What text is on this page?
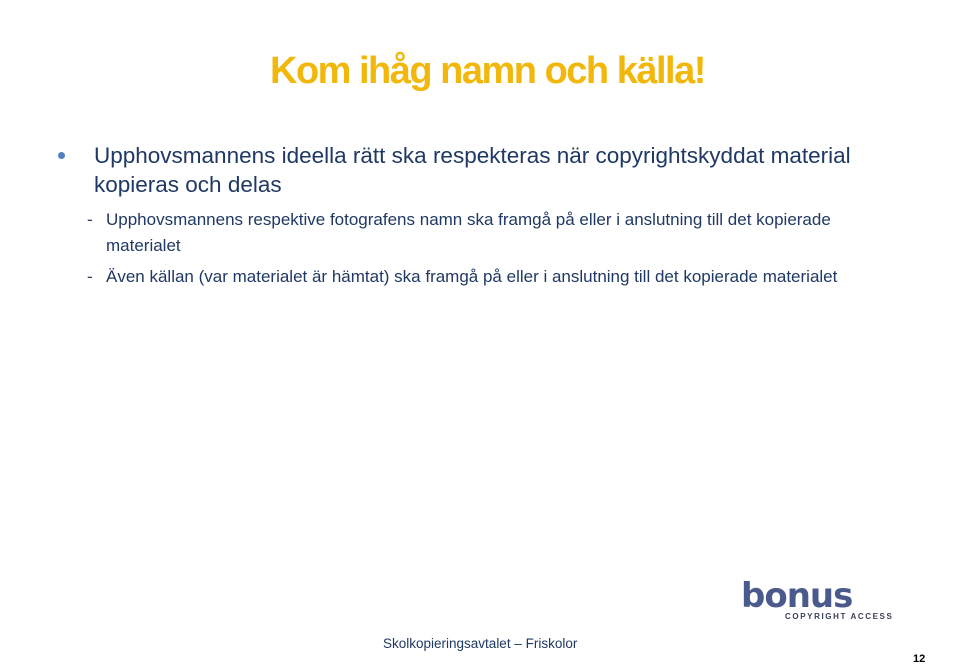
Kom ihåg namn och källa!
Upphovsmannens ideella rätt ska respekteras när copyrightskyddat material kopieras och delas
- Upphovsmannens respektive fotografens namn ska framgå på eller i anslutning till det kopierade materialet
- Även källan (var materialet är hämtat) ska framgå på eller i anslutning till det kopierade materialet
bonus
COPYRIGHT ACCESS
Skolkopieringsavtalet – Friskolor
12
